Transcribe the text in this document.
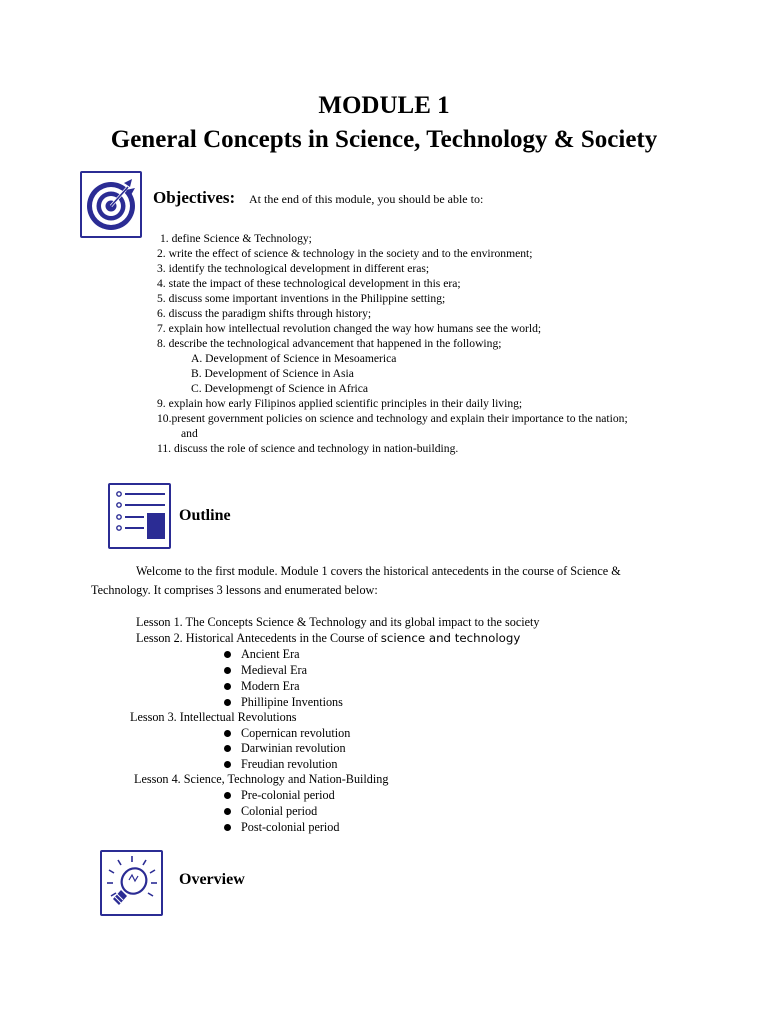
MODULE 1
General Concepts in Science, Technology & Society
Objectives: At the end of this module, you should be able to:
1. define Science & Technology;
2. write the effect of science & technology in the society and to the environment;
3. identify the technological development in different eras;
4. state the impact of these technological development in this era;
5. discuss some important inventions in the Philippine setting;
6. discuss the paradigm shifts through history;
7. explain how intellectual revolution changed the way how humans see the world;
8. describe the technological advancement that happened in the following;
A. Development of Science in Mesoamerica
B. Development of Science in Asia
C. Developmengt of Science in Africa
9. explain how early Filipinos applied scientific principles in their daily living;
10.present government policies on science and technology and explain their importance to the nation;
and
11. discuss the role of science and technology in nation-building.
Outline
Welcome to the first module. Module 1 covers the historical antecedents in the course of Science &
Technology. It comprises 3 lessons and enumerated below:
Lesson 1. The Concepts Science & Technology and its global impact to the society
Lesson 2. Historical Antecedents in the Course of science and technology
Ancient Era
Medieval Era
Modern Era
Phillipine Inventions
Lesson 3. Intellectual Revolutions
Copernican revolution
Darwinian revolution
Freudian revolution
Lesson 4. Science, Technology and Nation-Building
Pre-colonial period
Colonial period
Post-colonial period
Overview
